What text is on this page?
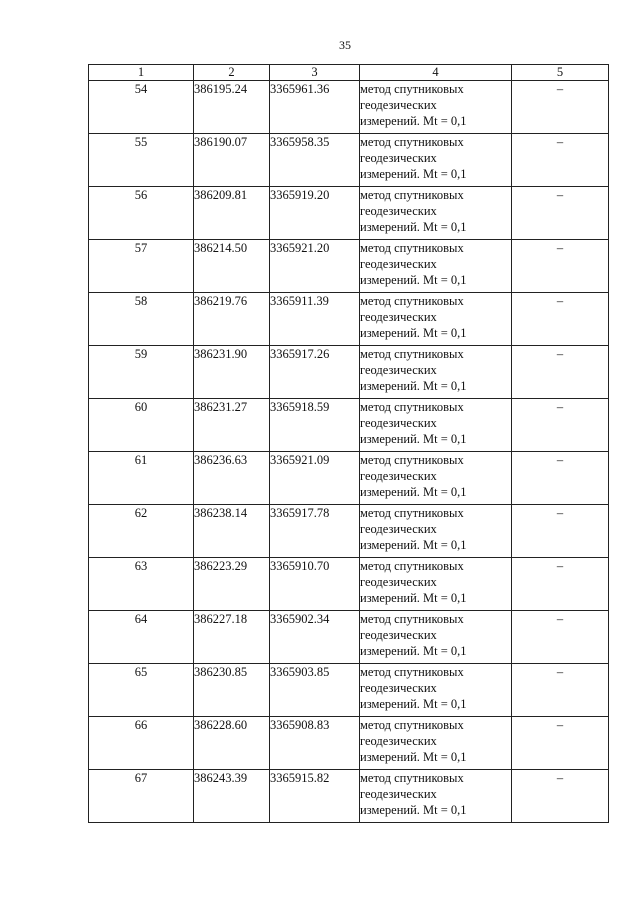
35
1	2	3	4	5
54	386195.24	3365961.36	метод спутниковых
геодезических
измерений. Mt = 0,1	–
55	386190.07	3365958.35	метод спутниковых
геодезических
измерений. Mt = 0,1	–
56	386209.81	3365919.20	метод спутниковых
геодезических
измерений. Mt = 0,1	–
57	386214.50	3365921.20	метод спутниковых
геодезических
измерений. Mt = 0,1	–
58	386219.76	3365911.39	метод спутниковых
геодезических
измерений. Mt = 0,1	–
59	386231.90	3365917.26	метод спутниковых
геодезических
измерений. Mt = 0,1	–
60	386231.27	3365918.59	метод спутниковых
геодезических
измерений. Mt = 0,1	–
61	386236.63	3365921.09	метод спутниковых
геодезических
измерений. Mt = 0,1	–
62	386238.14	3365917.78	метод спутниковых
геодезических
измерений. Mt = 0,1	–
63	386223.29	3365910.70	метод спутниковых
геодезических
измерений. Mt = 0,1	–
64	386227.18	3365902.34	метод спутниковых
геодезических
измерений. Mt = 0,1	–
65	386230.85	3365903.85	метод спутниковых
геодезических
измерений. Mt = 0,1	–
66	386228.60	3365908.83	метод спутниковых
геодезических
измерений. Mt = 0,1	–
67	386243.39	3365915.82	метод спутниковых
геодезических
измерений. Mt = 0,1	–
